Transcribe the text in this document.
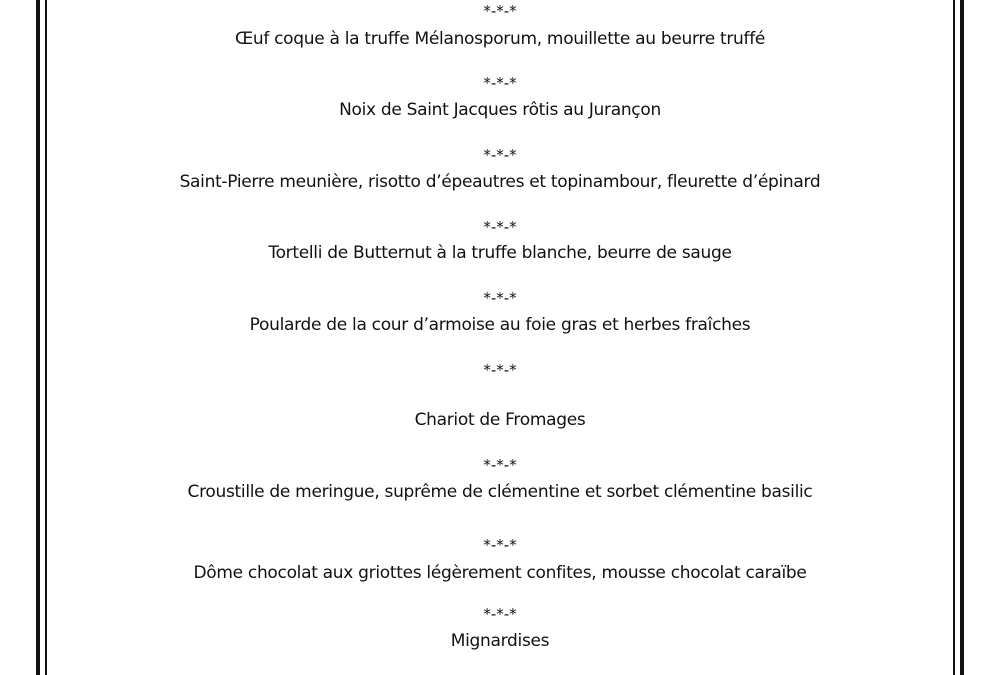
*-*-*
Œuf coque à la truffe Mélanosporum, mouillette au beurre truffé
*-*-*
Noix de Saint Jacques rôtis au Jurançon
*-*-*
Saint-Pierre meunière, risotto d’épeautres et topinambour, fleurette d’épinard
*-*-*
Tortelli de Butternut à la truffe blanche, beurre de sauge
*-*-*
Poularde de la cour d’armoise au foie gras et herbes fraîches
*-*-*
Chariot de Fromages
*-*-*
Croustille de meringue, suprême de clémentine et sorbet clémentine basilic
*-*-*
Dôme chocolat aux griottes légèrement confites, mousse chocolat caraïbe
*-*-*
Mignardises
